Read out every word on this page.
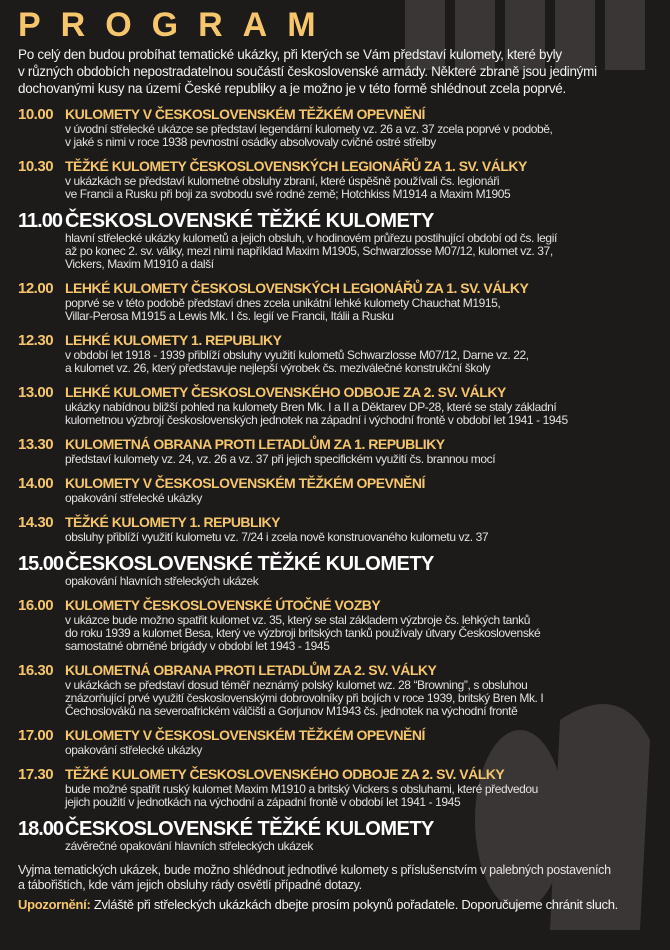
PROGRAM
Po celý den budou probíhat tematické ukázky, při kterých se Vám představí kulomety, které byly
v různých obdobích nepostradatelnou součástí československé armády. Některé zbraně jsou jedinými
dochovanými kusy na území České republiky a je možno je v této formě shlédnout zcela poprvé.
10.00 KULOMETY V ČESKOSLOVENSKÉM TĚŽKÉM OPEVNĚNÍ
v úvodní střelecké ukázce se představí legendární kulomety vz. 26 a vz. 37 zcela poprvé v podobě,
v jaké s nimi v roce 1938 pevnostní osádky absolvovaly cvičné ostré střelby
10.30 TĚŽKÉ KULOMETY ČESKOSLOVENSKÝCH LEGIONÁŘŮ ZA 1. SV. VÁLKY
v ukázkách se představí kulometné obsluhy zbraní, které úspěšně používali čs. legionáři
ve Francii a Rusku při boji za svobodu své rodné země; Hotchkiss M1914 a Maxim M1905
11.00 ČESKOSLOVENSKÉ TĚŽKÉ KULOMETY
hlavní střelecké ukázky kulometů a jejich obsluh, v hodinovém průřezu postihující období od čs. legií
až po konec 2. sv. války, mezi nimi například Maxim M1905, Schwarzlosse M07/12, kulomet vz. 37,
Vickers, Maxim M1910 a další
12.00 LEHKÉ KULOMETY ČESKOSLOVENSKÝCH LEGIONÁŘŮ ZA 1. SV. VÁLKY
poprvé se v této podobě představí dnes zcela unikátní lehké kulomety Chauchat M1915,
Villar-Perosa M1915 a Lewis Mk. I čs. legií ve Francii, Itálii a Rusku
12.30 LEHKÉ KULOMETY 1. REPUBLIKY
v období let 1918 - 1939 přiblíží obsluhy využití kulometů Schwarzlosse M07/12, Darne vz. 22,
a kulomet vz. 26, který představuje nejlepší výrobek čs. meziválečné konstrukční školy
13.00 LEHKÉ KULOMETY ČESKOSLOVENSKÉHO ODBOJE ZA 2. SV. VÁLKY
ukázky nabídnou bližší pohled na kulomety Bren Mk. I a II a Děktarev DP-28, které se staly základní
kulometnou výzbrojí československých jednotek na západní i východní frontě v období let 1941 - 1945
13.30 KULOMETNÁ OBRANA PROTI LETADLŮM ZA 1. REPUBLIKY
představí kulomety vz. 24, vz. 26 a vz. 37 při jejich specifickém využití čs. brannou mocí
14.00 KULOMETY V ČESKOSLOVENSKÉM TĚŽKÉM OPEVNĚNÍ
opakování střelecké ukázky
14.30 TĚŽKÉ KULOMETY 1. REPUBLIKY
obsluhy přiblíží využití kulometu vz. 7/24 i zcela nově konstruovaného kulometu vz. 37
15.00 ČESKOSLOVENSKÉ TĚŽKÉ KULOMETY
opakování hlavních střeleckých ukázek
16.00 KULOMETY ČESKOSLOVENSKÉ ÚTOČNÉ VOZBY
v ukázce bude možno spatřit kulomet vz. 35, který se stal základem výzbroje čs. lehkých tanků
do roku 1939 a kulomet Besa, který ve výzbroji britských tanků používaly útvary Československé
samostatné obrněné brigády v období let 1943 - 1945
16.30 KULOMETNÁ OBRANA PROTI LETADLŮM ZA 2. SV. VÁLKY
v ukázkách se představí dosud téměř neznámý polský kulomet wz. 28 “Browning”, s obsluhou
znázorňující prvé využití československými dobrovolníky při bojích v roce 1939, britský Bren Mk. I
Čechoslováků na severoafrickém válčišti a Gorjunov M1943 čs. jednotek na východní frontě
17.00 KULOMETY V ČESKOSLOVENSKÉM TĚŽKÉM OPEVNĚNÍ
opakování střelecké ukázky
17.30 TĚŽKÉ KULOMETY ČESKOSLOVENSKÉHO ODBOJE ZA 2. SV. VÁLKY
bude možné spatřit ruský kulomet Maxim M1910 a britský Vickers s obsluhami, které předvedou
jejich použití v jednotkách na východní a západní frontě v období let 1941 - 1945
18.00 ČESKOSLOVENSKÉ TĚŽKÉ KULOMETY
závěrečné opakování hlavních střeleckých ukázek
Vyjma tematických ukázek, bude možno shlédnout jednotlivé kulomety s příslušenstvím v palebných postaveních
a tábořištích, kde vám jejich obsluhy rády osvětlí případné dotazy.
Upozornění: Zvláště při střeleckých ukázkách dbejte prosím pokynů pořadatele. Doporučujeme chránit sluch.
